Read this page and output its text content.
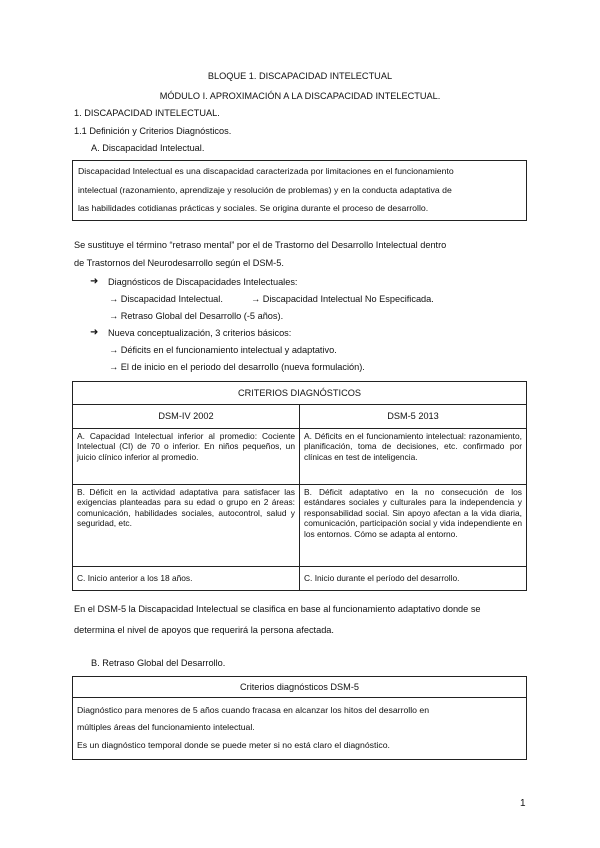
BLOQUE 1. DISCAPACIDAD INTELECTUAL
MÓDULO I. APROXIMACIÓN A LA DISCAPACIDAD INTELECTUAL.
1. DISCAPACIDAD INTELECTUAL.
1.1 Definición y Criterios Diagnósticos.
A. Discapacidad Intelectual.
Discapacidad Intelectual es una discapacidad caracterizada por limitaciones en el funcionamiento
intelectual (razonamiento, aprendizaje y resolución de problemas) y en la conducta adaptativa de
las habilidades cotidianas prácticas y sociales. Se origina durante el proceso de desarrollo.
Se sustituye el término “retraso mental” por el de Trastorno del Desarrollo Intelectual dentro
de Trastornos del Neurodesarrollo según el DSM-5.
➜ Diagnósticos de Discapacidades Intelectuales:
→ Discapacidad Intelectual.	→ Discapacidad Intelectual No Especificada.
→ Retraso Global del Desarrollo (-5 años).
➜ Nueva conceptualización, 3 criterios básicos:
→ Déficits en el funcionamiento intelectual y adaptativo.
→ El de inicio en el periodo del desarrollo (nueva formulación).
CRITERIOS DIAGNÓSTICOS	
DSM-IV 2002	DSM-5 2013
A. Capacidad Intelectual inferior al promedio: Cociente Intelectual (CI) de 70 o inferior. En niños pequeños, un juicio clínico inferior al promedio.	A. Déficits en el funcionamiento intelectual: razonamiento, planificación, toma de decisiones, etc. confirmado por clínicas en test de inteligencia.
B. Déficit en la actividad adaptativa para satisfacer las exigencias planteadas para su edad o grupo en 2 áreas: comunicación, habilidades sociales, autocontrol, salud y seguridad, etc.	B. Déficit adaptativo en la no consecución de los estándares sociales y culturales para la independencia y responsabilidad social. Sin apoyo afectan a la vida diaria, comunicación, participación social y vida independiente en los entornos. Cómo se adapta al entorno.
C. Inicio anterior a los 18 años.	C. Inicio durante el período del desarrollo.
En el DSM-5 la Discapacidad Intelectual se clasifica en base al funcionamiento adaptativo donde se
determina el nivel de apoyos que requerirá la persona afectada.
B. Retraso Global del Desarrollo.
Criterios diagnósticos DSM-5
Diagnóstico para menores de 5 años cuando fracasa en alcanzar los hitos del desarrollo en
múltiples áreas del funcionamiento intelectual.
Es un diagnóstico temporal donde se puede meter si no está claro el diagnóstico.
1
